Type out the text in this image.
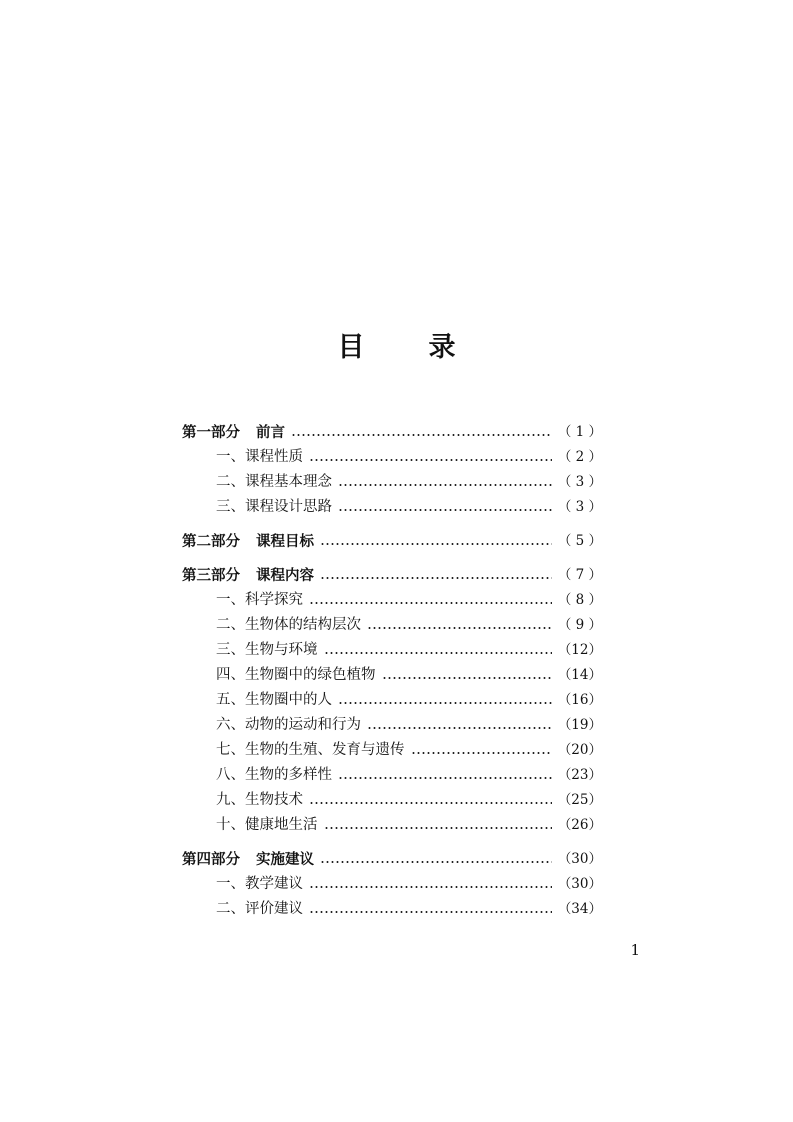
目 录
第一部分 前言	（ 1 ）
一、课程性质	（ 2 ）
二、课程基本理念	（ 3 ）
三、课程设计思路	（ 3 ）
第二部分 课程目标	（ 5 ）
第三部分 课程内容	（ 7 ）
一、科学探究	（ 8 ）
二、生物体的结构层次	（ 9 ）
三、生物与环境	（12）
四、生物圈中的绿色植物	（14）
五、生物圈中的人	（16）
六、动物的运动和行为	（19）
七、生物的生殖、发育与遗传	（20）
八、生物的多样性	（23）
九、生物技术	（25）
十、健康地生活	（26）
第四部分 实施建议	（30）
一、教学建议	（30）
二、评价建议	（34）
1
